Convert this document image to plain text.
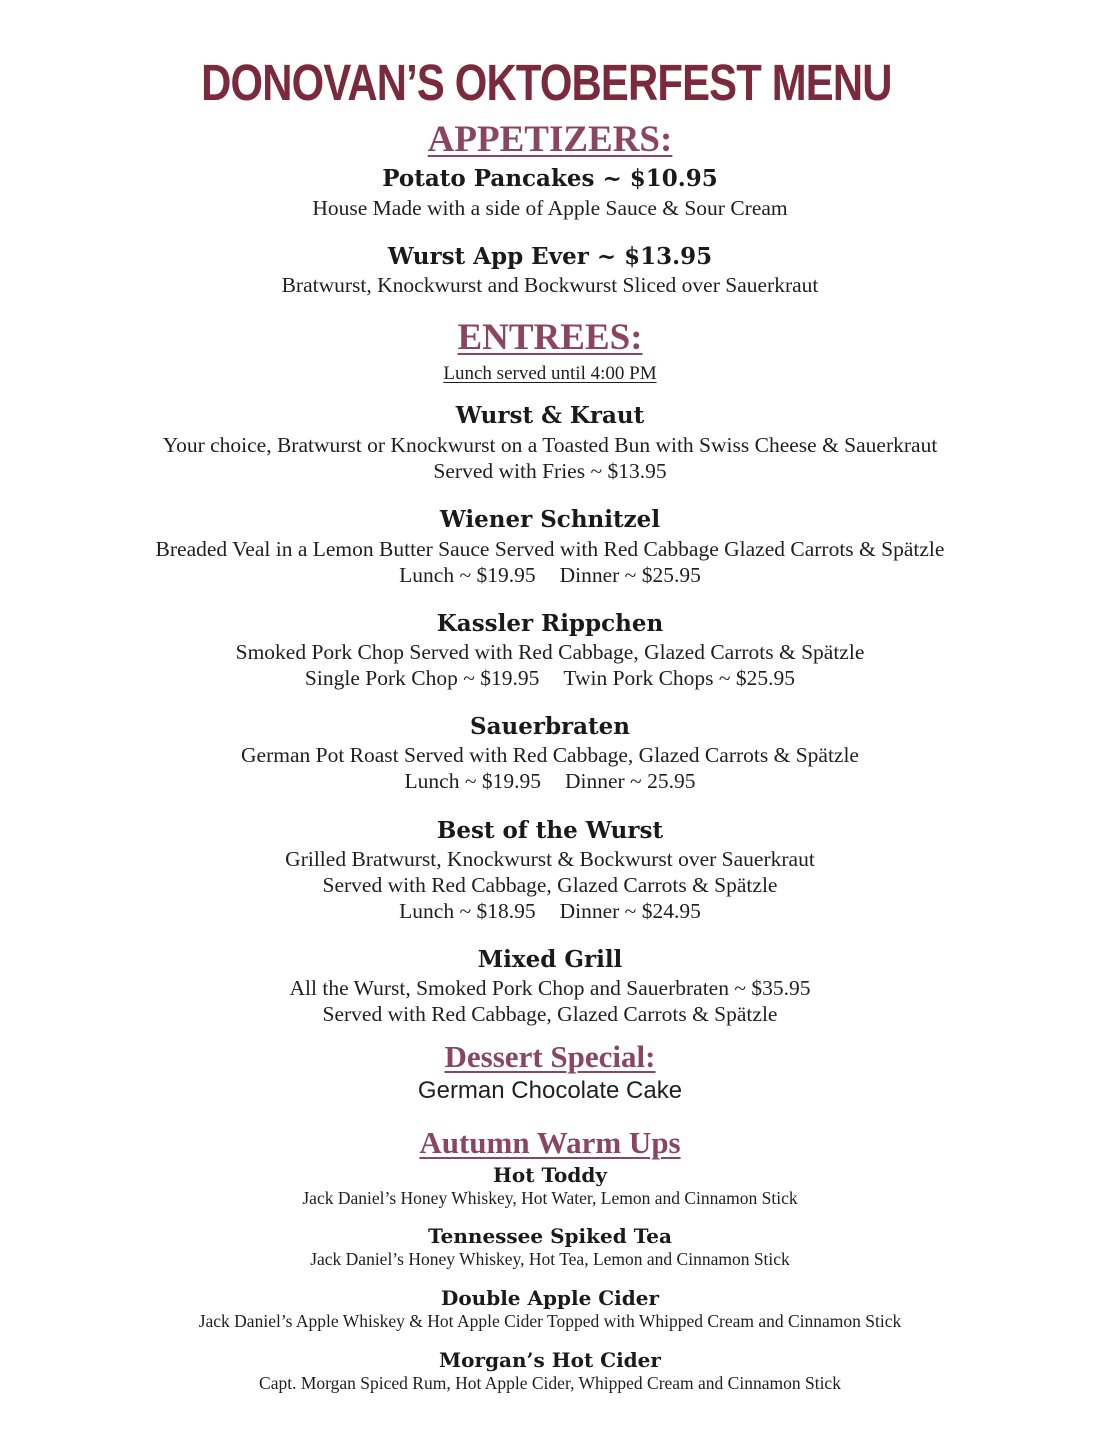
DONOVAN’S OKTOBERFEST MENU
APPETIZERS:
Potato Pancakes ~ $10.95
House Made with a side of Apple Sauce & Sour Cream
Wurst App Ever ~ $13.95
Bratwurst, Knockwurst and Bockwurst Sliced over Sauerkraut
ENTREES:
Lunch served until 4:00 PM
Wurst & Kraut
Your choice, Bratwurst or Knockwurst on a Toasted Bun with Swiss Cheese & Sauerkraut
Served with Fries ~ $13.95
Wiener Schnitzel
Breaded Veal in a Lemon Butter Sauce Served with Red Cabbage Glazed Carrots & Spätzle
Lunch ~ $19.95 Dinner ~ $25.95
Kassler Rippchen
Smoked Pork Chop Served with Red Cabbage, Glazed Carrots & Spätzle
Single Pork Chop ~ $19.95 Twin Pork Chops ~ $25.95
Sauerbraten
German Pot Roast Served with Red Cabbage, Glazed Carrots & Spätzle
Lunch ~ $19.95 Dinner ~ 25.95
Best of the Wurst
Grilled Bratwurst, Knockwurst & Bockwurst over Sauerkraut
Served with Red Cabbage, Glazed Carrots & Spätzle
Lunch ~ $18.95 Dinner ~ $24.95
Mixed Grill
All the Wurst, Smoked Pork Chop and Sauerbraten ~ $35.95
Served with Red Cabbage, Glazed Carrots & Spätzle
Dessert Special:
German Chocolate Cake
Autumn Warm Ups
Hot Toddy
Jack Daniel’s Honey Whiskey, Hot Water, Lemon and Cinnamon Stick
Tennessee Spiked Tea
Jack Daniel’s Honey Whiskey, Hot Tea, Lemon and Cinnamon Stick
Double Apple Cider
Jack Daniel’s Apple Whiskey & Hot Apple Cider Topped with Whipped Cream and Cinnamon Stick
Morgan’s Hot Cider
Capt. Morgan Spiced Rum, Hot Apple Cider, Whipped Cream and Cinnamon Stick
